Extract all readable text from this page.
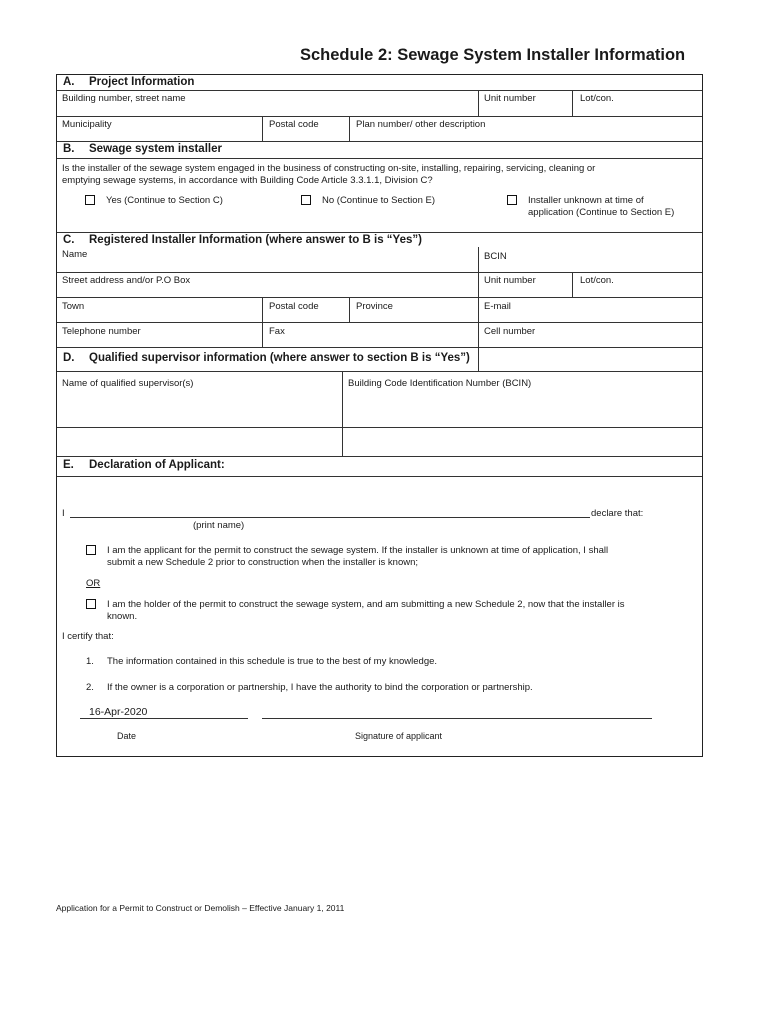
Schedule 2: Sewage System Installer Information
A. Project Information
Building number, street name	Unit number	Lot/con.
Municipality	Postal code	Plan number/ other description
B. Sewage system installer
Is the installer of the sewage system engaged in the business of constructing on-site, installing, repairing, servicing, cleaning or
emptying sewage systems, in accordance with Building Code Article 3.3.1.1, Division C?
Yes (Continue to Section C)	No (Continue to Section E)	Installer unknown at time of
application (Continue to Section E)
C. Registered Installer Information (where answer to B is “Yes”)
Name	BCIN
Street address and/or P.O Box	Unit number	Lot/con.
Town	Postal code	Province	E-mail
Telephone number	Fax	Cell number
D. Qualified supervisor information (where answer to section B is “Yes”)
Name of qualified supervisor(s)	Building Code Identification Number (BCIN)
E. Declaration of Applicant:
I	declare that:
(print name)
I am the applicant for the permit to construct the sewage system. If the installer is unknown at time of application, I shall
submit a new Schedule 2 prior to construction when the installer is known;
OR
I am the holder of the permit to construct the sewage system, and am submitting a new Schedule 2, now that the installer is
known.
I certify that:
1. The information contained in this schedule is true to the best of my knowledge.
2. If the owner is a corporation or partnership, I have the authority to bind the corporation or partnership.
16-Apr-2020
Date	Signature of applicant
Application for a Permit to Construct or Demolish – Effective January 1, 2011
